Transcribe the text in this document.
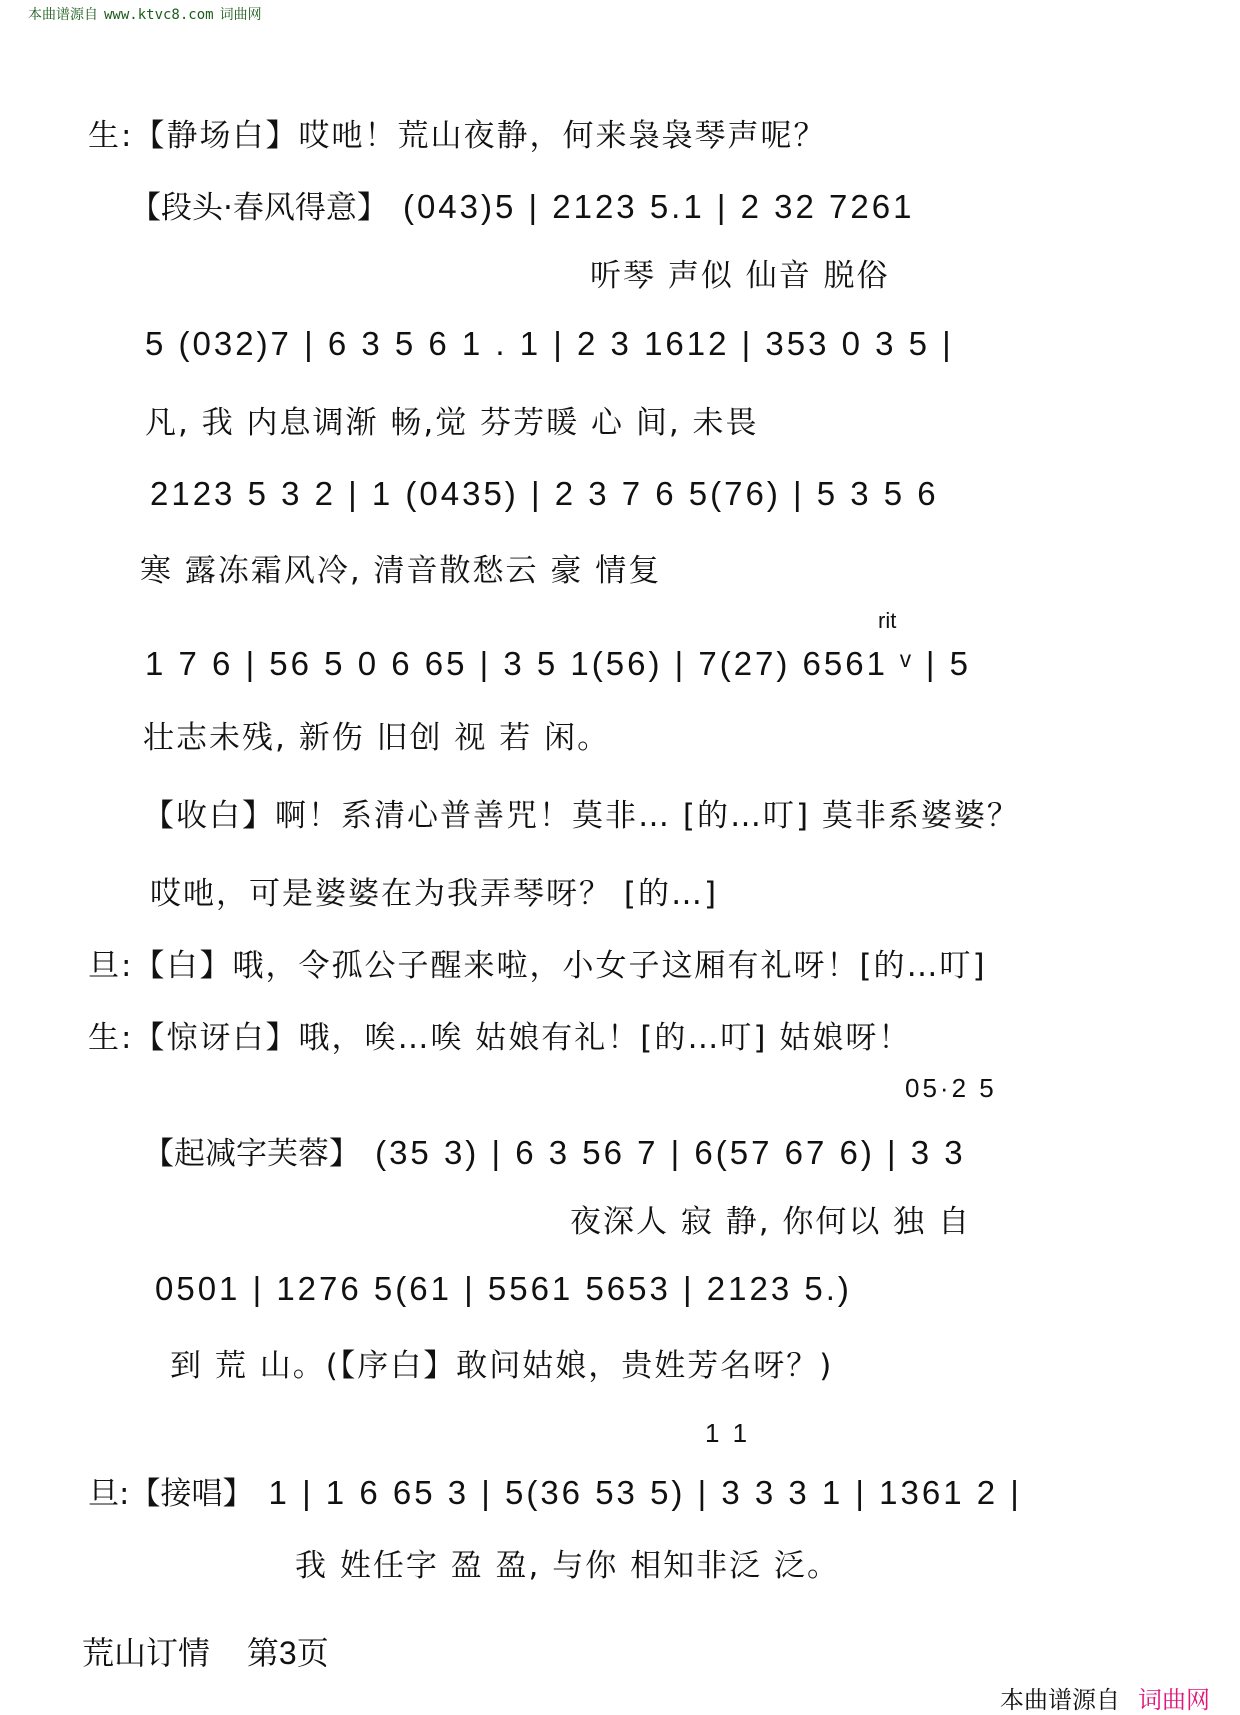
本曲谱源自 www.ktvc8.com 词曲网
生:【静场白】哎吔！荒山夜静，何来袅袅琴声呢？
【段头·春风得意】 (043)5 | 2123 5.1 | 2 32 7261
听琴 声似 仙音 脱俗
5 (032)7 | 6 3 5 6 1 . 1 | 2 3 1612 | 353 0 3 5 |
凡, 我 内息调渐 畅,觉 芬芳暖 心 间, 未畏
2123 5 3 2 | 1 (0435) | 2 3 7 6 5(76) | 5 3 5 6
寒 露冻霜风冷, 清音散愁云 豪 情复
rit
1 7 6 | 56 5 0 6 65 | 3 5 1(56) | 7(27) 6561 ᵛ | 5
壮志未残, 新伤 旧创 视 若 闲。
【收白】啊！系清心普善咒！莫非… [的…叮] 莫非系婆婆？
哎吔，可是婆婆在为我弄琴呀？ [的…]
旦:【白】哦，令孤公子醒来啦，小女子这厢有礼呀！[的…叮]
生:【惊讶白】哦，唉…唉 姑娘有礼！[的…叮] 姑娘呀！
05·2 5
【起减字芙蓉】 (35 3) | 6 3 56 7 | 6(57 67 6) | 3 3
夜深人 寂 静, 你何以 独 自
0501 | 1276 5(61 | 5561 5653 | 2123 5.)
到 荒 山。(【序白】敢问姑娘，贵姓芳名呀？)
1 1
旦:【接唱】 1 | 1 6 65 3 | 5(36 53 5) | 3 3 3 1 | 1361 2 |
我 姓任字 盈 盈, 与你 相知非泛 泛。
荒山订情 第3页
本曲谱源自 词曲网
